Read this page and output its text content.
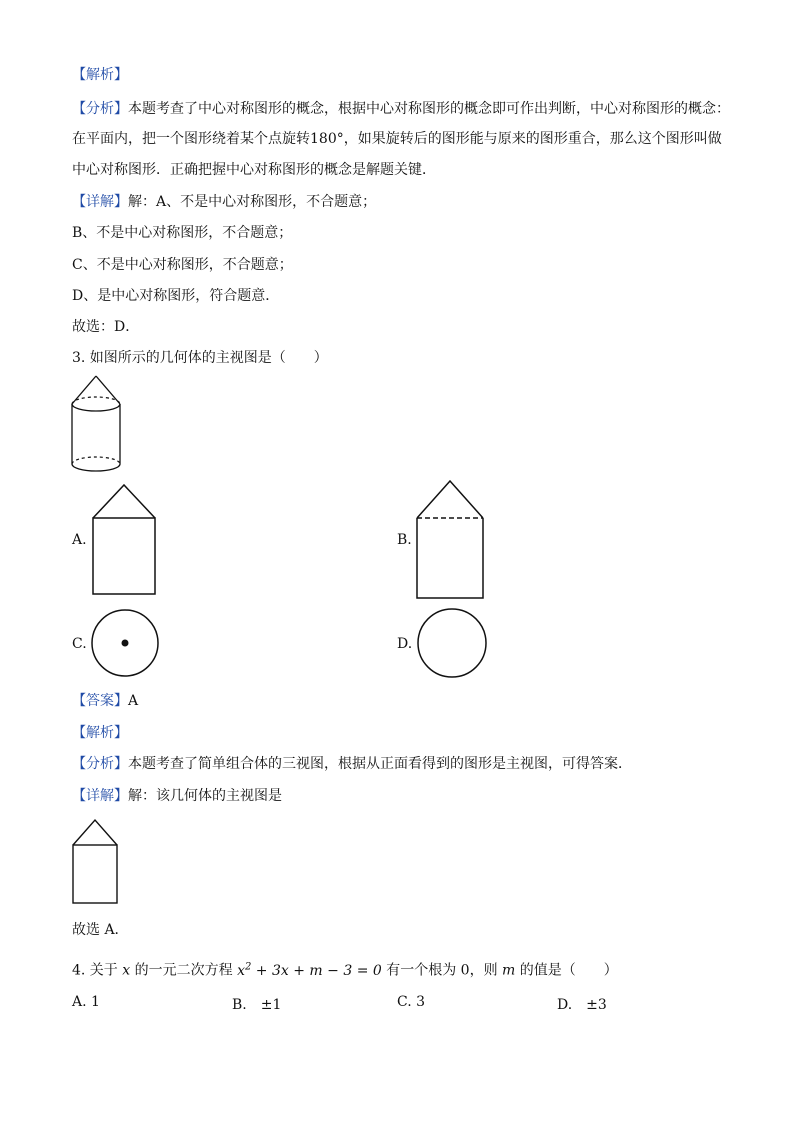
【解析】
【分析】本题考查了中心对称图形的概念，根据中心对称图形的概念即可作出判断，中心对称图形的概念：
在平面内，把一个图形绕着某个点旋转180°，如果旋转后的图形能与原来的图形重合，那么这个图形叫做
中心对称图形．正确把握中心对称图形的概念是解题关键．
【详解】解：A、不是中心对称图形，不合题意；
B、不是中心对称图形，不合题意；
C、不是中心对称图形，不合题意；
D、是中心对称图形，符合题意．
故选：D．
3. 如图所示的几何体的主视图是（　　）
A.	B.
C.	D.
【答案】A
【解析】
【分析】本题考查了简单组合体的三视图，根据从正面看得到的图形是主视图，可得答案．
【详解】解：该几何体的主视图是
故选 A．
4. 关于 x 的一元二次方程 $x^2 + 3x + m - 3 = 0$ 有一个根为 0，则 m 的值是（　　）
A. 1	B.　±1	C. 3	D.　±3
